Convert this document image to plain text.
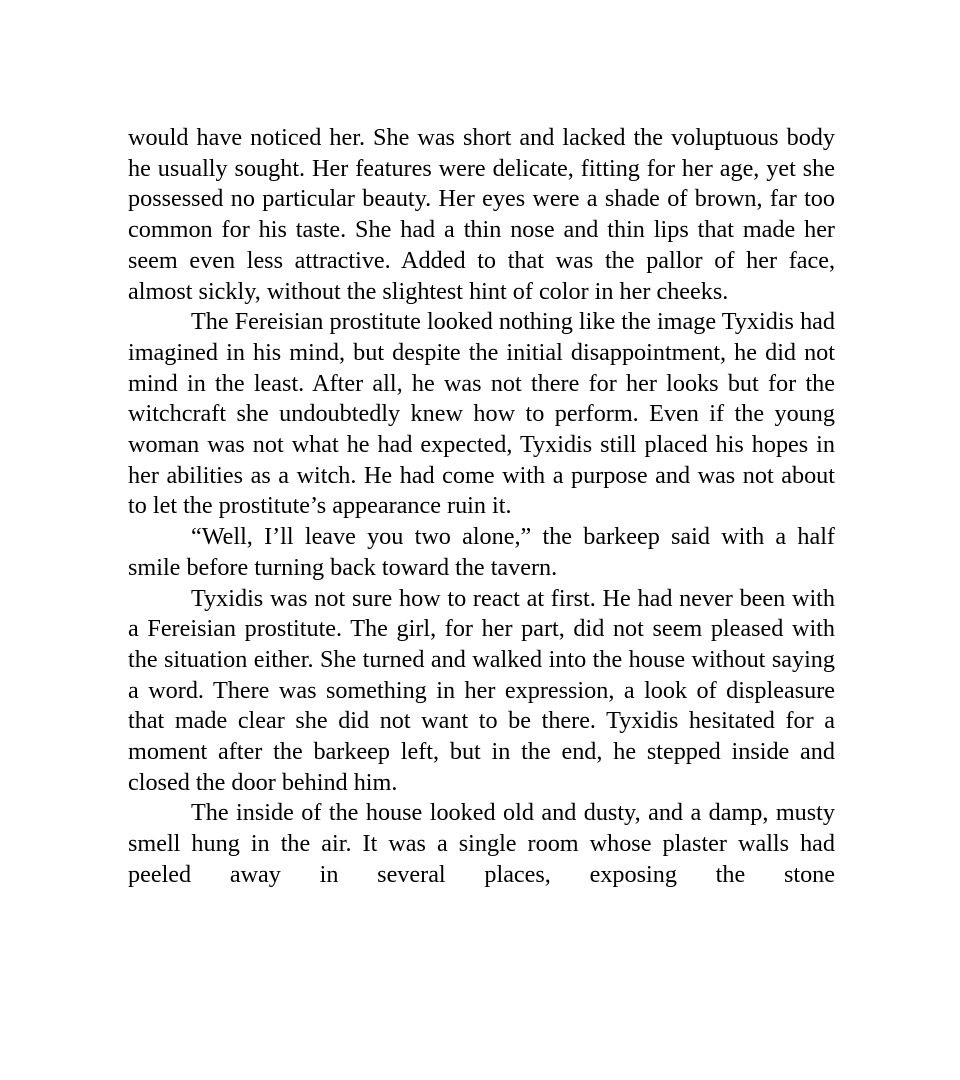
would have noticed her. She was short and lacked the voluptuous body he usually sought. Her features were delicate, fitting for her age, yet she possessed no particular beauty. Her eyes were a shade of brown, far too common for his taste. She had a thin nose and thin lips that made her seem even less attractive. Added to that was the pallor of her face, almost sickly, without the slightest hint of color in her cheeks.

The Fereisian prostitute looked nothing like the image Tyxidis had imagined in his mind, but despite the initial disappointment, he did not mind in the least. After all, he was not there for her looks but for the witchcraft she undoubtedly knew how to perform. Even if the young woman was not what he had expected, Tyxidis still placed his hopes in her abilities as a witch. He had come with a purpose and was not about to let the prostitute’s appearance ruin it.

“Well, I’ll leave you two alone,” the barkeep said with a half smile before turning back toward the tavern.

Tyxidis was not sure how to react at first. He had never been with a Fereisian prostitute. The girl, for her part, did not seem pleased with the situation either. She turned and walked into the house without saying a word. There was something in her expression, a look of displeasure that made clear she did not want to be there. Tyxidis hesitated for a moment after the barkeep left, but in the end, he stepped inside and closed the door behind him.

The inside of the house looked old and dusty, and a damp, musty smell hung in the air. It was a single room whose plaster walls had peeled away in several places, exposing the stone
